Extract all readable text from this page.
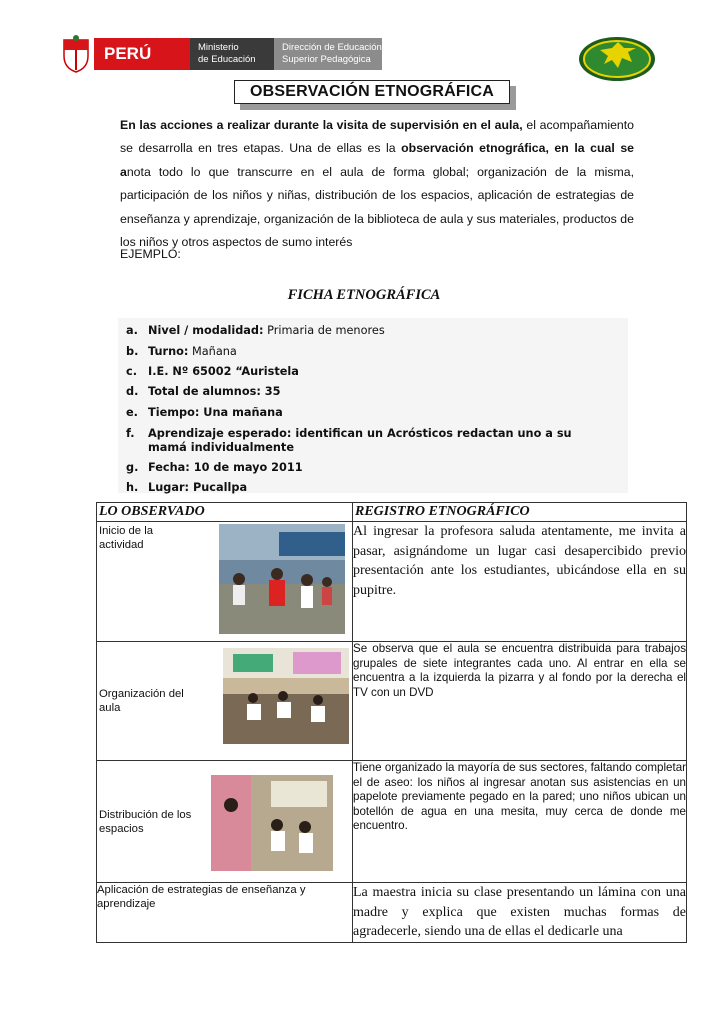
PERÚ	Ministerio
de Educación
Dirección de Educación
Superior Pedagógica
OBSERVACIÓN ETNOGRÁFICA
En las acciones a realizar durante la visita de supervisión en el aula, el acompañamiento se desarrolla en tres etapas. Una de ellas es la observación etnográfica, en la cual se anota todo lo que transcurre en el aula de forma global; organización de la misma, participación de los niños y niñas, distribución de los espacios, aplicación de estrategias de enseñanza y aprendizaje, organización de la biblioteca de aula y sus materiales, productos de los niños y otros aspectos de sumo interés
EJEMPLO:
FICHA ETNOGRÁFICA
a. Nivel / modalidad: Primaria de menores
b. Turno: Mañana
c. I.E. Nº 65002 “Auristela
d. Total de alumnos: 35
e. Tiempo: Una mañana
f.	Aprendizaje esperado: identifican un Acrósticos redactan uno a su mamá individualmente
g. Fecha: 10 de mayo 2011
h. Lugar: Pucallpa
LO OBSERVADO	REGISTRO ETNOGRÁFICO

Inicio de la actividad	Al ingresar la profesora saluda atentamente, me invita a pasar, asignándome un lugar casi desapercibido previo presentación ante los estudiantes, ubicándose ella en su pupitre.

Organización del aula	Se observa que el aula se encuentra distribuida para trabajos grupales de siete integrantes cada uno. Al entrar en ella se encuentra a la izquierda la pizarra y al fondo por la derecha el TV con un DVD

Distribución de los espacios	Tiene organizado la mayoría de sus sectores, faltando completar el de aseo: los niños al ingresar anotan sus asistencias en un papelote previamente pegado en la pared; uno niños ubican un botellón de agua en una mesita, muy cerca de donde me encuentro.
Aplicación de estrategias de enseñanza y aprendizaje	La maestra inicia su clase presentando un lámina con una madre y explica que existen muchas formas de agradecerle, siendo una de ellas el dedicarle una
